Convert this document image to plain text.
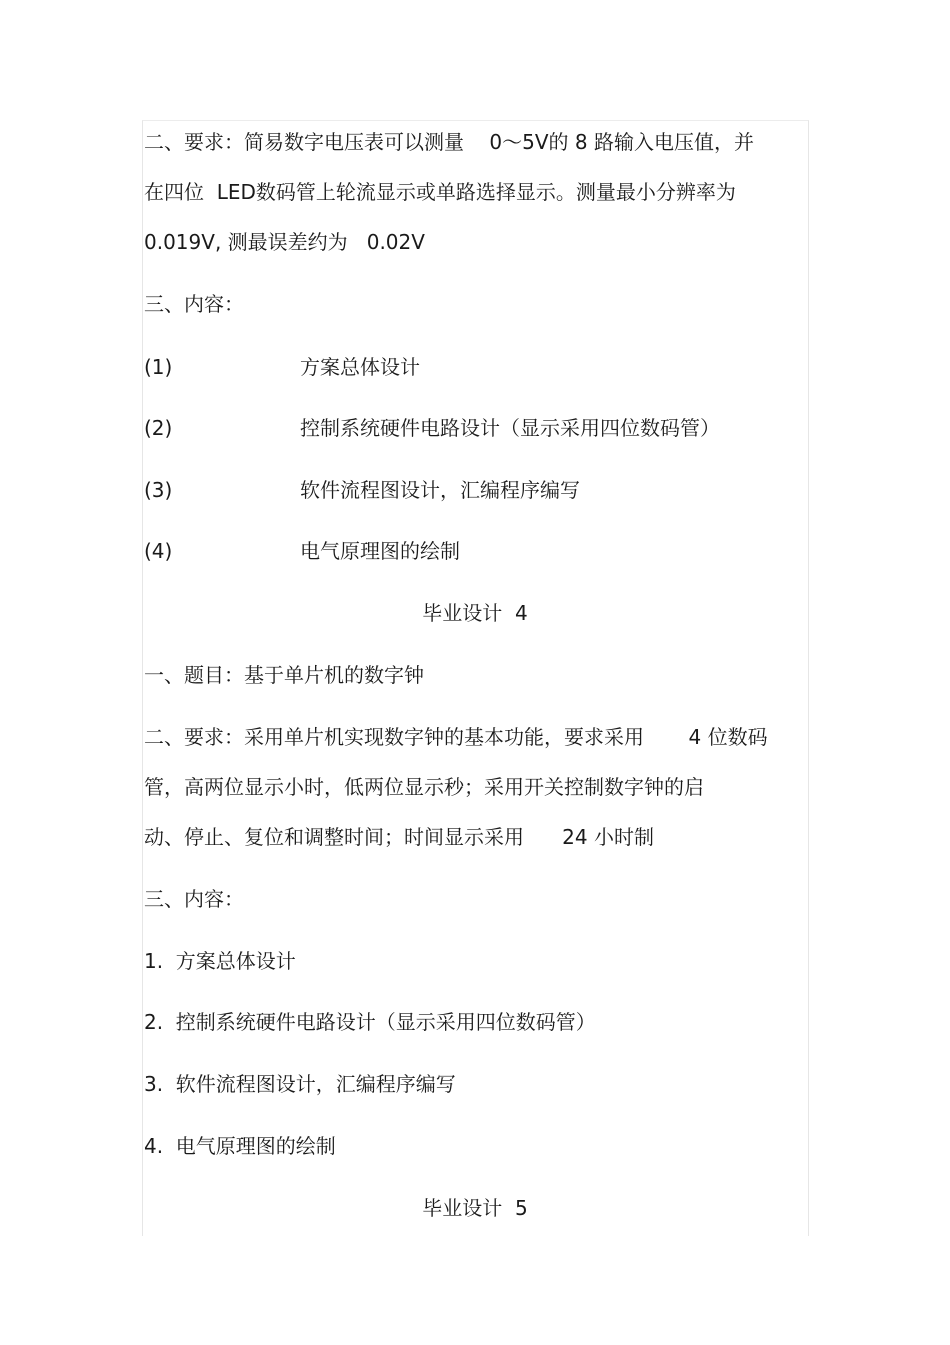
二、要求：简易数字电压表可以测量    0～5V的 8 路输入电压值，并
在四位  LED数码管上轮流显示或单路选择显示。测量最小分辨率为
0.019V, 测最误差约为   0.02V
三、内容：
(1)	方案总体设计
(2)	控制系统硬件电路设计（显示采用四位数码管）
(3)	软件流程图设计，汇编程序编写
(4)	电气原理图的绘制
毕业设计  4
一、题目：基于单片机的数字钟
二、要求：采用单片机实现数字钟的基本功能，要求采用       4 位数码
管，高两位显示小时，低两位显示秒；采用开关控制数字钟的启
动、停止、复位和调整时间；时间显示采用      24 小时制
三、内容：
1.  方案总体设计
2.  控制系统硬件电路设计（显示采用四位数码管）
3.  软件流程图设计，汇编程序编写
4.  电气原理图的绘制
毕业设计  5
